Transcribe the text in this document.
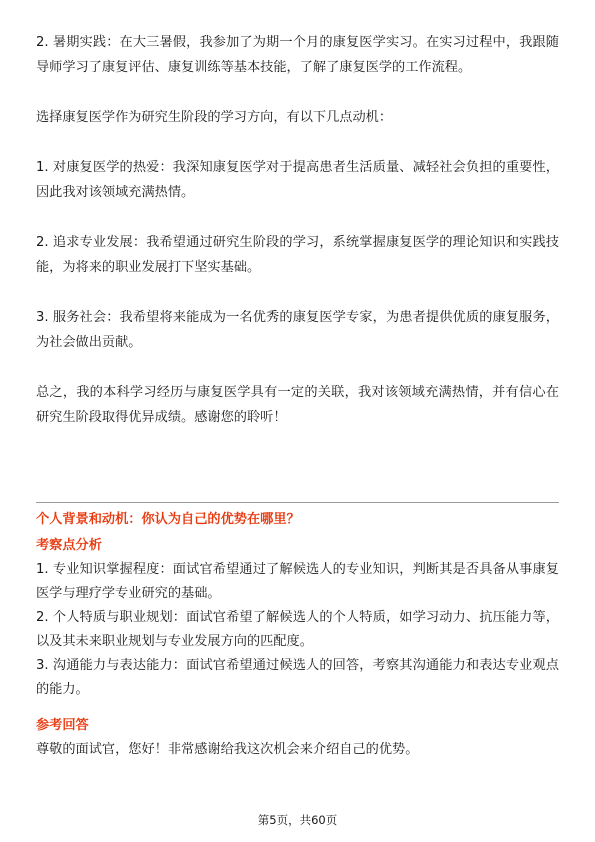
2. 暑期实践：在大三暑假，我参加了为期一个月的康复医学实习。在实习过程中，我跟随导师学习了康复评估、康复训练等基本技能，了解了康复医学的工作流程。

选择康复医学作为研究生阶段的学习方向，有以下几点动机：

1. 对康复医学的热爱：我深知康复医学对于提高患者生活质量、减轻社会负担的重要性，因此我对该领域充满热情。

2. 追求专业发展：我希望通过研究生阶段的学习，系统掌握康复医学的理论知识和实践技能，为将来的职业发展打下坚实基础。

3. 服务社会：我希望将来能成为一名优秀的康复医学专家，为患者提供优质的康复服务，为社会做出贡献。

总之，我的本科学习经历与康复医学具有一定的关联，我对该领域充满热情，并有信心在研究生阶段取得优异成绩。感谢您的聆听！

个人背景和动机：你认为自己的优势在哪里？

考察点分析

1. 专业知识掌握程度：面试官希望通过了解候选人的专业知识，判断其是否具备从事康复医学与理疗学专业研究的基础。

2. 个人特质与职业规划：面试官希望了解候选人的个人特质，如学习动力、抗压能力等，以及其未来职业规划与专业发展方向的匹配度。

3. 沟通能力与表达能力：面试官希望通过候选人的回答，考察其沟通能力和表达专业观点的能力。

参考回答

尊敬的面试官，您好！非常感谢给我这次机会来介绍自己的优势。

第5页，共60页
